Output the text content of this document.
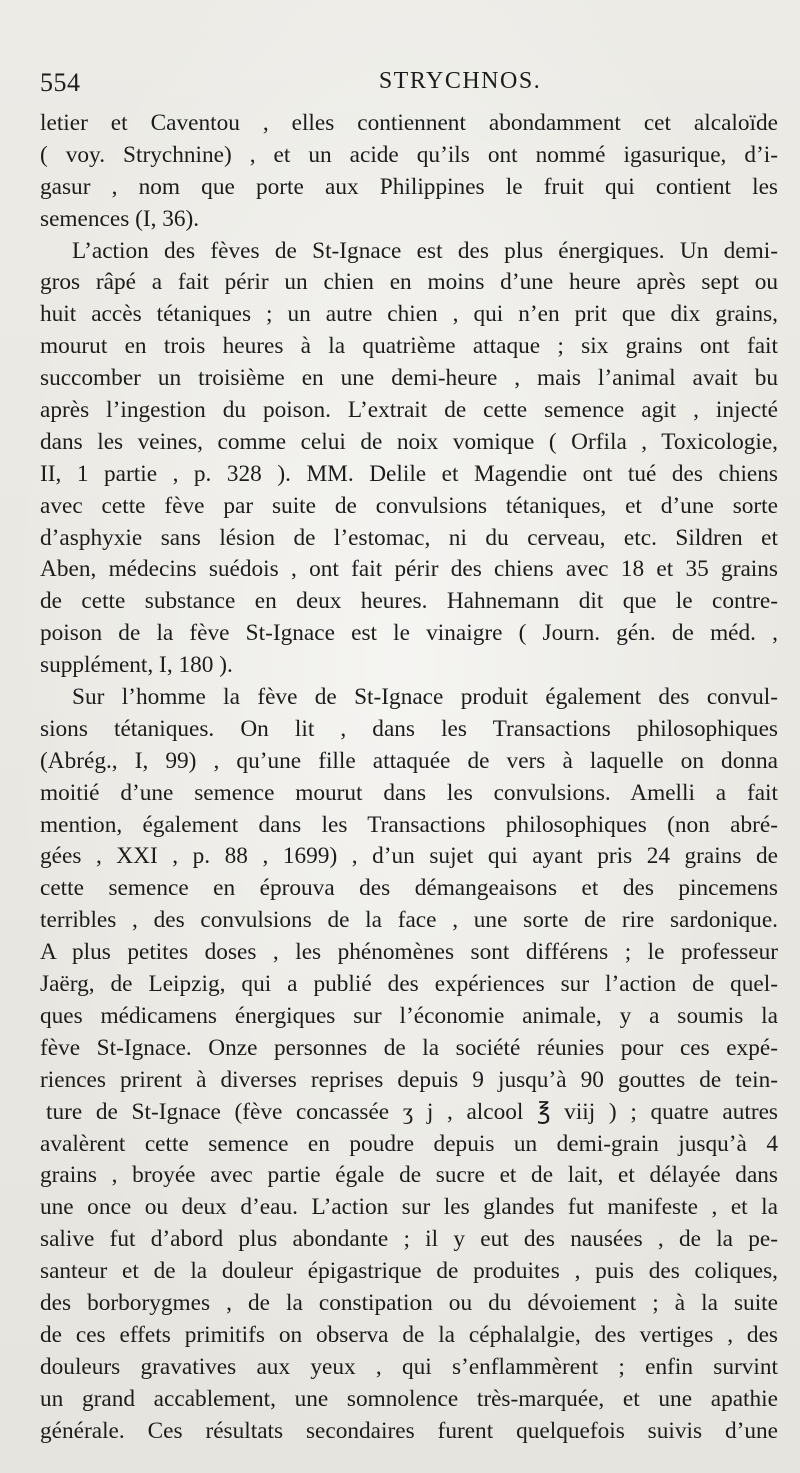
554	STRYCHNOS.
letier et Caventou , elles contiennent abondamment cet alcaloïde
( voy. Strychnine) , et un acide qu’ils ont nommé igasurique, d’i-
gasur , nom que porte aux Philippines le fruit qui contient les
semences (I, 36).
L’action des fèves de St-Ignace est des plus énergiques. Un demi-
gros râpé a fait périr un chien en moins d’une heure après sept ou
huit accès tétaniques ; un autre chien , qui n’en prit que dix grains,
mourut en trois heures à la quatrième attaque ; six grains ont fait
succomber un troisième en une demi-heure , mais l’animal avait bu
après l’ingestion du poison. L’extrait de cette semence agit , injecté
dans les veines, comme celui de noix vomique ( Orfila , Toxicologie,
II, 1 partie , p. 328 ). MM. Delile et Magendie ont tué des chiens
avec cette fève par suite de convulsions tétaniques, et d’une sorte
d’asphyxie sans lésion de l’estomac, ni du cerveau, etc. Sildren et
Aben, médecins suédois , ont fait périr des chiens avec 18 et 35 grains
de cette substance en deux heures. Hahnemann dit que le contre-
poison de la fève St-Ignace est le vinaigre ( Journ. gén. de méd. ,
supplément, I, 180 ).
Sur l’homme la fève de St-Ignace produit également des convul-
sions tétaniques. On lit , dans les Transactions philosophiques
(Abrég., I, 99) , qu’une fille attaquée de vers à laquelle on donna
moitié d’une semence mourut dans les convulsions. Amelli a fait
mention, également dans les Transactions philosophiques (non abré-
gées , XXI , p. 88 , 1699) , d’un sujet qui ayant pris 24 grains de
cette semence en éprouva des démangeaisons et des pincemens
terribles , des convulsions de la face , une sorte de rire sardonique.
A plus petites doses , les phénomènes sont différens ; le professeur
Jaërg, de Leipzig, qui a publié des expériences sur l’action de quel-
ques médicamens énergiques sur l’économie animale, y a soumis la
fève St-Ignace. Onze personnes de la société réunies pour ces expé-
riences prirent à diverses reprises depuis 9 jusqu’à 90 gouttes de tein-
ture de St-Ignace (fève concassée ʒ j , alcool ℥ viij ) ; quatre autres
avalèrent cette semence en poudre depuis un demi-grain jusqu’à 4
grains , broyée avec partie égale de sucre et de lait, et délayée dans
une once ou deux d’eau. L’action sur les glandes fut manifeste , et la
salive fut d’abord plus abondante ; il y eut des nausées , de la pe-
santeur et de la douleur épigastrique de produites , puis des coliques,
des borborygmes , de la constipation ou du dévoiement ; à la suite
de ces effets primitifs on observa de la céphalalgie, des vertiges , des
douleurs gravatives aux yeux , qui s’enflammèrent ; enfin survint
un grand accablement, une somnolence très-marquée, et une apathie
générale. Ces résultats secondaires furent quelquefois suivis d’une
